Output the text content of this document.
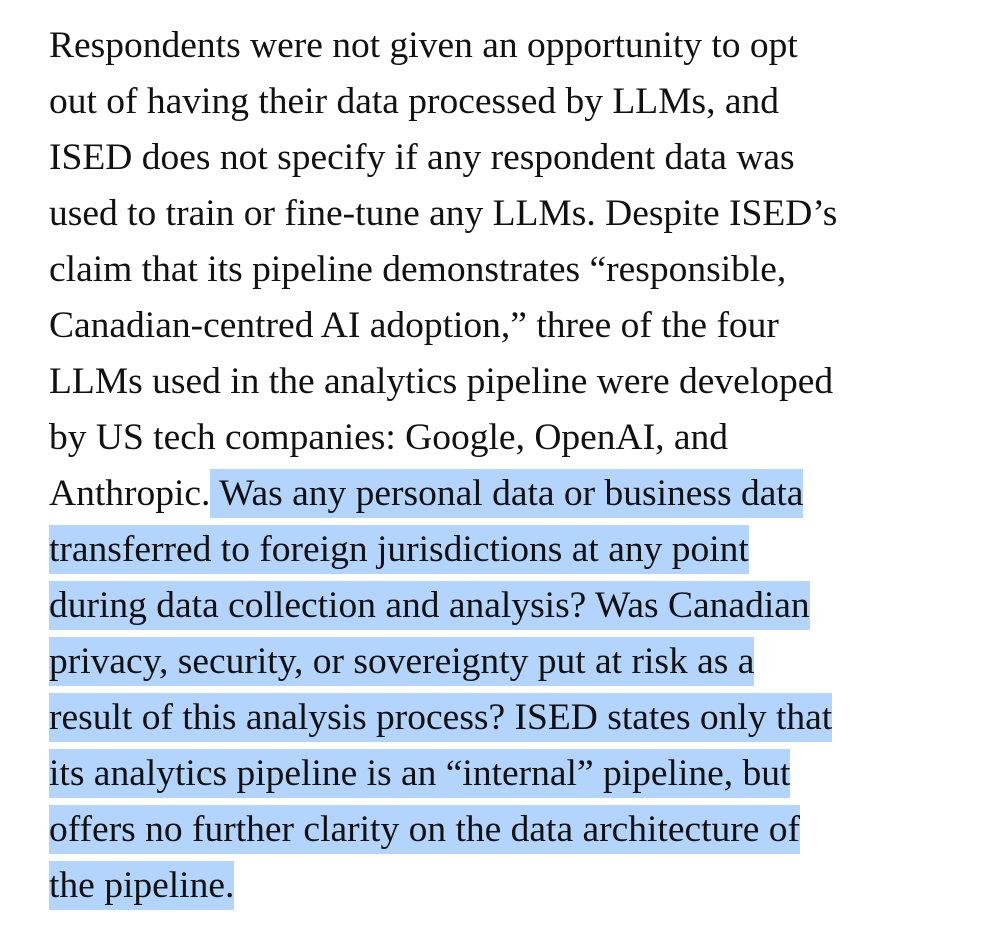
Respondents were not given an opportunity to opt
out of having their data processed by LLMs, and
ISED does not specify if any respondent data was
used to train or fine-tune any LLMs. Despite ISED’s
claim that its pipeline demonstrates “responsible,
Canadian-centred AI adoption,” three of the four
LLMs used in the analytics pipeline were developed
by US tech companies: Google, OpenAI, and
Anthropic. Was any personal data or business data
transferred to foreign jurisdictions at any point
during data collection and analysis? Was Canadian
privacy, security, or sovereignty put at risk as a
result of this analysis process? ISED states only that
its analytics pipeline is an “internal” pipeline, but
offers no further clarity on the data architecture of
the pipeline.
